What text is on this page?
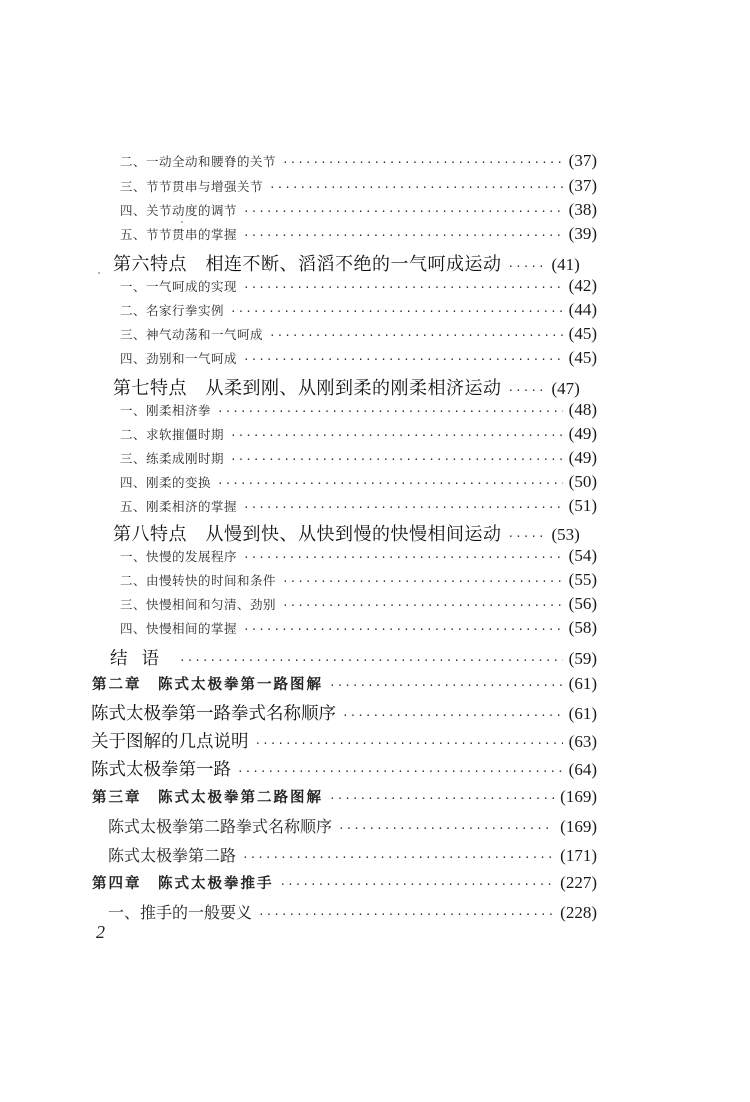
二、一动全动和腰脊的关节 ·····	(37)
三、节节贯串与增强关节 ·····	(37)
四、关节动度的调节 ·····	(38)
五、节节贯串的掌握 ·····	(39)
第六特点　相连不断、滔滔不绝的一气呵成运动 ·····	(41)
一、一气呵成的实现 ·····	(42)
二、名家行拳实例 ·····	(44)
三、神气动荡和一气呵成 ·····	(45)
四、劲别和一气呵成 ·····	(45)
第七特点　从柔到刚、从刚到柔的刚柔相济运动 ·····	(47)
一、刚柔相济拳 ·····	(48)
二、求软摧僵时期 ·····	(49)
三、练柔成刚时期 ·····	(49)
四、刚柔的变换 ·····	(50)
五、刚柔相济的掌握 ·····	(51)
第八特点　从慢到快、从快到慢的快慢相间运动 ·····	(53)
一、快慢的发展程序 ·····	(54)
二、由慢转快的时间和条件 ·····	(55)
三、快慢相间和匀清、劲别 ·····	(56)
四、快慢相间的掌握 ·····	(58)
结语 ·····	(59)
第二章　陈式太极拳第一路图解 ·····	(61)
陈式太极拳第一路拳式名称顺序 ·····	(61)
关于图解的几点说明 ·····	(63)
陈式太极拳第一路 ·····	(64)
第三章　陈式太极拳第二路图解 ·····	(169)
陈式太极拳第二路拳式名称顺序 ·····	(169)
陈式太极拳第二路 ·····	(171)
第四章　陈式太极拳推手 ·····	(227)
一、推手的一般要义 ·····	(228)
2
